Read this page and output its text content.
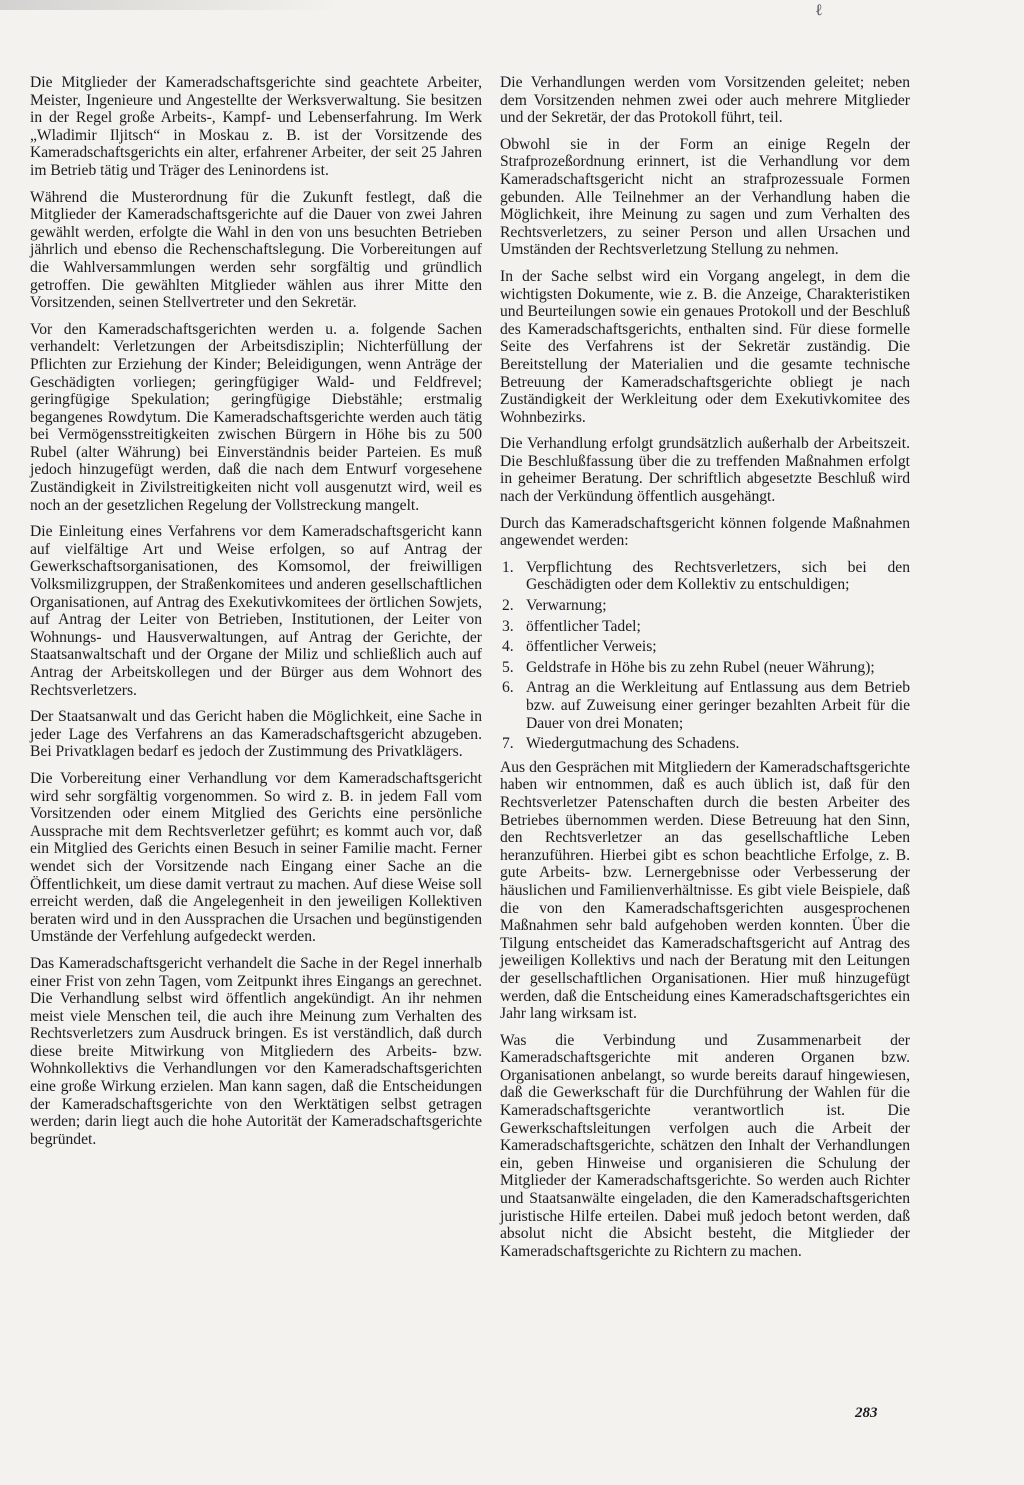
ℓ

Die Mitglieder der Kameradschaftsgerichte sind geachtete Arbeiter, Meister, Ingenieure und Angestellte der Werksverwaltung. Sie besitzen in der Regel große Arbeits-, Kampf- und Lebenserfahrung. Im Werk „Wladimir Iljitsch“ in Moskau z. B. ist der Vorsitzende des Kameradschaftsgerichts ein alter, erfahrener Arbeiter, der seit 25 Jahren im Betrieb tätig und Träger des Leninordens ist.

Während die Musterordnung für die Zukunft festlegt, daß die Mitglieder der Kameradschaftsgerichte auf die Dauer von zwei Jahren gewählt werden, erfolgte die Wahl in den von uns besuchten Betrieben jährlich und ebenso die Rechenschaftslegung. Die Vorbereitungen auf die Wahlversammlungen werden sehr sorgfältig und gründlich getroffen. Die gewählten Mitglieder wählen aus ihrer Mitte den Vorsitzenden, seinen Stellvertreter und den Sekretär.

Vor den Kameradschaftsgerichten werden u. a. folgende Sachen verhandelt: Verletzungen der Arbeitsdisziplin; Nichterfüllung der Pflichten zur Erziehung der Kinder; Beleidigungen, wenn Anträge der Geschädigten vorliegen; geringfügiger Wald- und Feldfrevel; geringfügige Spekulation; geringfügige Diebstähle; erstmalig begangenes Rowdytum. Die Kameradschaftsgerichte werden auch tätig bei Vermögensstreitigkeiten zwischen Bürgern in Höhe bis zu 500 Rubel (alter Währung) bei Einverständnis beider Parteien. Es muß jedoch hinzugefügt werden, daß die nach dem Entwurf vorgesehene Zuständigkeit in Zivilstreitigkeiten nicht voll ausgenutzt wird, weil es noch an der gesetzlichen Regelung der Vollstreckung mangelt.

Die Einleitung eines Verfahrens vor dem Kameradschaftsgericht kann auf vielfältige Art und Weise erfolgen, so auf Antrag der Gewerkschaftsorganisationen, des Komsomol, der freiwilligen Volksmilizgruppen, der Straßenkomitees und anderen gesellschaftlichen Organisationen, auf Antrag des Exekutivkomitees der örtlichen Sowjets, auf Antrag der Leiter von Betrieben, Institutionen, der Leiter von Wohnungs- und Hausverwaltungen, auf Antrag der Gerichte, der Staatsanwaltschaft und der Organe der Miliz und schließlich auch auf Antrag der Arbeitskollegen und der Bürger aus dem Wohnort des Rechtsverletzers.

Der Staatsanwalt und das Gericht haben die Möglichkeit, eine Sache in jeder Lage des Verfahrens an das Kameradschaftsgericht abzugeben. Bei Privatklagen bedarf es jedoch der Zustimmung des Privatklägers.

Die Vorbereitung einer Verhandlung vor dem Kameradschaftsgericht wird sehr sorgfältig vorgenommen. So wird z. B. in jedem Fall vom Vorsitzenden oder einem Mitglied des Gerichts eine persönliche Aussprache mit dem Rechtsverletzer geführt; es kommt auch vor, daß ein Mitglied des Gerichts einen Besuch in seiner Familie macht. Ferner wendet sich der Vorsitzende nach Eingang einer Sache an die Öffentlichkeit, um diese damit vertraut zu machen. Auf diese Weise soll erreicht werden, daß die Angelegenheit in den jeweiligen Kollektiven beraten wird und in den Aussprachen die Ursachen und begünstigenden Umstände der Verfehlung aufgedeckt werden.

Das Kameradschaftsgericht verhandelt die Sache in der Regel innerhalb einer Frist von zehn Tagen, vom Zeitpunkt ihres Eingangs an gerechnet. Die Verhandlung selbst wird öffentlich angekündigt. An ihr nehmen meist viele Menschen teil, die auch ihre Meinung zum Verhalten des Rechtsverletzers zum Ausdruck bringen. Es ist verständlich, daß durch diese breite Mitwirkung von Mitgliedern des Arbeits- bzw. Wohnkollektivs die Verhandlungen vor den Kameradschaftsgerichten eine große Wirkung erzielen. Man kann sagen, daß die Entscheidungen der Kameradschaftsgerichte von den Werktätigen selbst getragen werden; darin liegt auch die hohe Autorität der Kameradschaftsgerichte begründet.

Die Verhandlungen werden vom Vorsitzenden geleitet; neben dem Vorsitzenden nehmen zwei oder auch mehrere Mitglieder und der Sekretär, der das Protokoll führt, teil.

Obwohl sie in der Form an einige Regeln der Strafprozeßordnung erinnert, ist die Verhandlung vor dem Kameradschaftsgericht nicht an strafprozessuale Formen gebunden. Alle Teilnehmer an der Verhandlung haben die Möglichkeit, ihre Meinung zu sagen und zum Verhalten des Rechtsverletzers, zu seiner Person und allen Ursachen und Umständen der Rechtsverletzung Stellung zu nehmen.

In der Sache selbst wird ein Vorgang angelegt, in dem die wichtigsten Dokumente, wie z. B. die Anzeige, Charakteristiken und Beurteilungen sowie ein genaues Protokoll und der Beschluß des Kameradschaftsgerichts, enthalten sind. Für diese formelle Seite des Verfahrens ist der Sekretär zuständig. Die Bereitstellung der Materialien und die gesamte technische Betreuung der Kameradschaftsgerichte obliegt je nach Zuständigkeit der Werkleitung oder dem Exekutivkomitee des Wohnbezirks.

Die Verhandlung erfolgt grundsätzlich außerhalb der Arbeitszeit. Die Beschlußfassung über die zu treffenden Maßnahmen erfolgt in geheimer Beratung. Der schriftlich abgesetzte Beschluß wird nach der Verkündung öffentlich ausgehängt.

Durch das Kameradschaftsgericht können folgende Maßnahmen angewendet werden:

1. Verpflichtung des Rechtsverletzers, sich bei den Geschädigten oder dem Kollektiv zu entschuldigen;
2. Verwarnung;
3. öffentlicher Tadel;
4. öffentlicher Verweis;
5. Geldstrafe in Höhe bis zu zehn Rubel (neuer Währung);
6. Antrag an die Werkleitung auf Entlassung aus dem Betrieb bzw. auf Zuweisung einer geringer bezahlten Arbeit für die Dauer von drei Monaten;
7. Wiedergutmachung des Schadens.

Aus den Gesprächen mit Mitgliedern der Kameradschaftsgerichte haben wir entnommen, daß es auch üblich ist, daß für den Rechtsverletzer Patenschaften durch die besten Arbeiter des Betriebes übernommen werden. Diese Betreuung hat den Sinn, den Rechtsverletzer an das gesellschaftliche Leben heranzuführen. Hierbei gibt es schon beachtliche Erfolge, z. B. gute Arbeits- bzw. Lernergebnisse oder Verbesserung der häuslichen und Familienverhältnisse. Es gibt viele Beispiele, daß die von den Kameradschaftsgerichten ausgesprochenen Maßnahmen sehr bald aufgehoben werden konnten. Über die Tilgung entscheidet das Kameradschaftsgericht auf Antrag des jeweiligen Kollektivs und nach der Beratung mit den Leitungen der gesellschaftlichen Organisationen. Hier muß hinzugefügt werden, daß die Entscheidung eines Kameradschaftsgerichtes ein Jahr lang wirksam ist.

Was die Verbindung und Zusammenarbeit der Kameradschaftsgerichte mit anderen Organen bzw. Organisationen anbelangt, so wurde bereits darauf hingewiesen, daß die Gewerkschaft für die Durchführung der Wahlen für die Kameradschaftsgerichte verantwortlich ist. Die Gewerkschaftsleitungen verfolgen auch die Arbeit der Kameradschaftsgerichte, schätzen den Inhalt der Verhandlungen ein, geben Hinweise und organisieren die Schulung der Mitglieder der Kameradschaftsgerichte. So werden auch Richter und Staatsanwälte eingeladen, die den Kameradschaftsgerichten juristische Hilfe erteilen. Dabei muß jedoch betont werden, daß absolut nicht die Absicht besteht, die Mitglieder der Kameradschaftsgerichte zu Richtern zu machen.

283
